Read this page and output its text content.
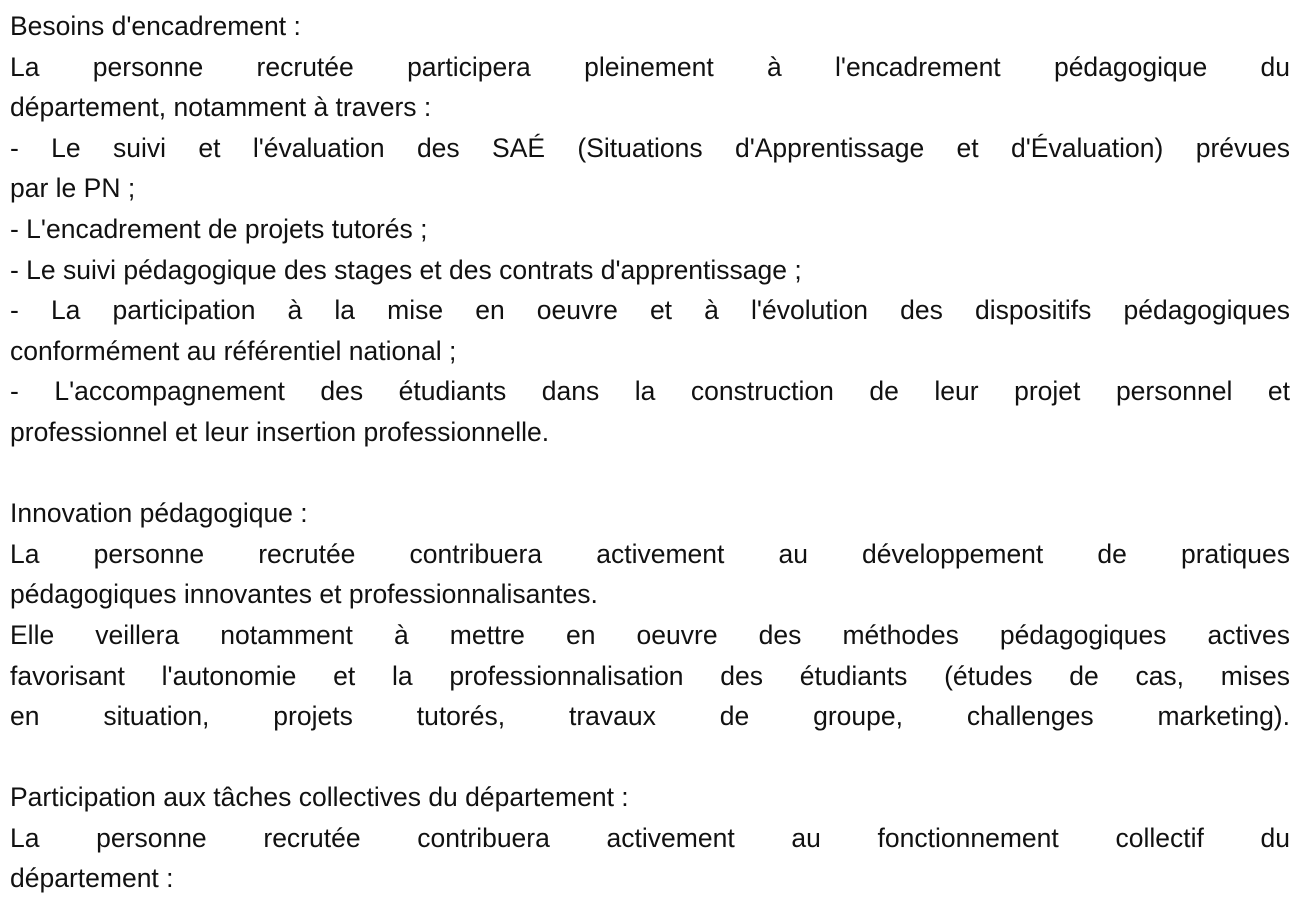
Besoins d'encadrement :
La personne recrutée participera pleinement à l'encadrement pédagogique du
département, notamment à travers :
- Le suivi et l'évaluation des SAÉ (Situations d'Apprentissage et d'Évaluation) prévues
par le PN ;
- L'encadrement de projets tutorés ;
- Le suivi pédagogique des stages et des contrats d'apprentissage ;
- La participation à la mise en oeuvre et à l'évolution des dispositifs pédagogiques
conformément au référentiel national ;
- L'accompagnement des étudiants dans la construction de leur projet personnel et
professionnel et leur insertion professionnelle.
Innovation pédagogique :
La personne recrutée contribuera activement au développement de pratiques
pédagogiques innovantes et professionnalisantes.
Elle veillera notamment à mettre en oeuvre des méthodes pédagogiques actives
favorisant l'autonomie et la professionnalisation des étudiants (études de cas, mises
en situation, projets tutorés, travaux de groupe, challenges marketing).
Participation aux tâches collectives du département :
La personne recrutée contribuera activement au fonctionnement collectif du
département :
